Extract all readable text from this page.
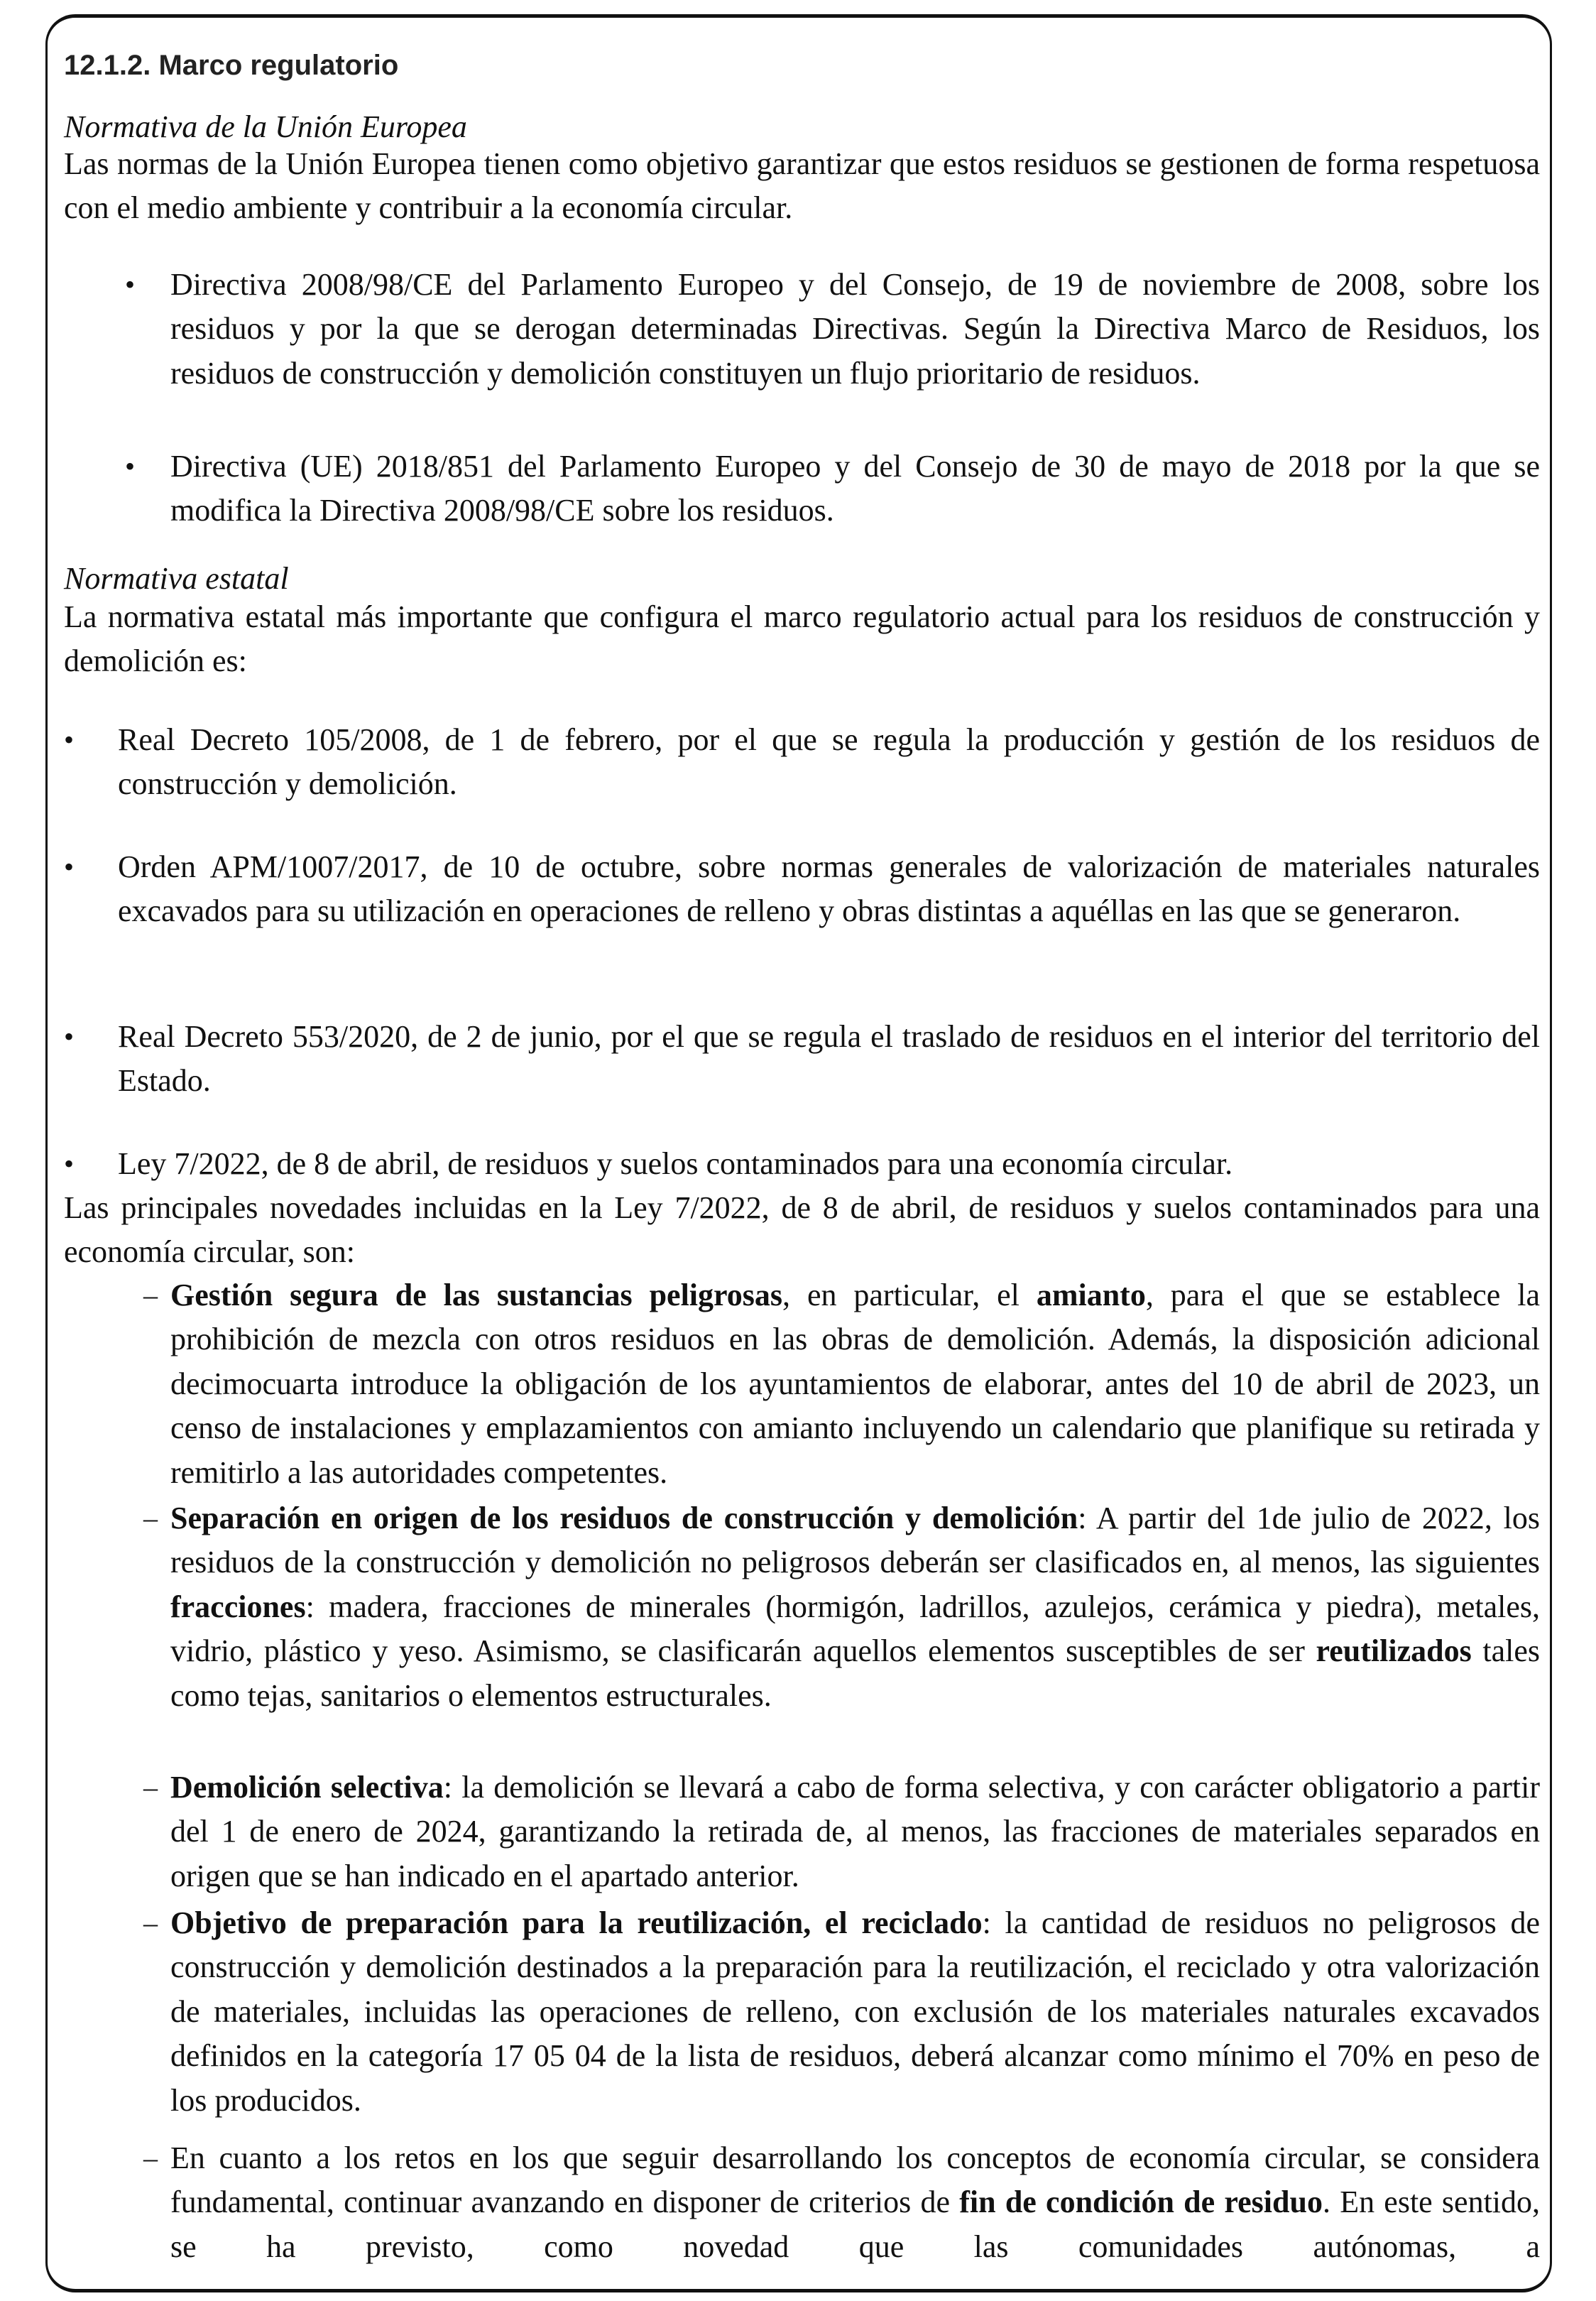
12.1.2. Marco regulatorio

Normativa de la Unión Europea

Las normas de la Unión Europea tienen como objetivo garantizar que estos residuos se gestionen de forma respetuosa con el medio ambiente y contribuir a la economía circular.

• Directiva 2008/98/CE del Parlamento Europeo y del Consejo, de 19 de noviembre de 2008, sobre los residuos y por la que se derogan determinadas Directivas. Según la Directiva Marco de Residuos, los residuos de construcción y demolición constituyen un flujo prioritario de residuos.
• Directiva (UE) 2018/851 del Parlamento Europeo y del Consejo de 30 de mayo de 2018 por la que se modifica la Directiva 2008/98/CE sobre los residuos.

Normativa estatal

La normativa estatal más importante que configura el marco regulatorio actual para los residuos de construcción y demolición es:

• Real Decreto 105/2008, de 1 de febrero, por el que se regula la producción y gestión de los residuos de construcción y demolición.
• Orden APM/1007/2017, de 10 de octubre, sobre normas generales de valorización de materiales naturales excavados para su utilización en operaciones de relleno y obras distintas a aquéllas en las que se generaron.
• Real Decreto 553/2020, de 2 de junio, por el que se regula el traslado de residuos en el interior del territorio del Estado.
• Ley 7/2022, de 8 de abril, de residuos y suelos contaminados para una economía circular.

Las principales novedades incluidas en la Ley 7/2022, de 8 de abril, de residuos y suelos contaminados para una economía circular, son:

– Gestión segura de las sustancias peligrosas, en particular, el amianto, para el que se establece la prohibición de mezcla con otros residuos en las obras de demolición. Además, la disposición adicional decimocuarta introduce la obligación de los ayuntamientos de elaborar, antes del 10 de abril de 2023, un censo de instalaciones y emplazamientos con amianto incluyendo un calendario que planifique su retirada y remitirlo a las autoridades competentes.
– Separación en origen de los residuos de construcción y demolición: A partir del 1de julio de 2022, los residuos de la construcción y demolición no peligrosos deberán ser clasificados en, al menos, las siguientes fracciones: madera, fracciones de minerales (hormigón, ladrillos, azulejos, cerámica y piedra), metales, vidrio, plástico y yeso. Asimismo, se clasificarán aquellos elementos susceptibles de ser reutilizados tales como tejas, sanitarios o elementos estructurales.
– Demolición selectiva: la demolición se llevará a cabo de forma selectiva, y con carácter obligatorio a partir del 1 de enero de 2024, garantizando la retirada de, al menos, las fracciones de materiales separados en origen que se han indicado en el apartado anterior.
– Objetivo de preparación para la reutilización, el reciclado: la cantidad de residuos no peligrosos de construcción y demolición destinados a la preparación para la reutilización, el reciclado y otra valorización de materiales, incluidas las operaciones de relleno, con exclusión de los materiales naturales excavados definidos en la categoría 17 05 04 de la lista de residuos, deberá alcanzar como mínimo el 70% en peso de los producidos.
– En cuanto a los retos en los que seguir desarrollando los conceptos de economía circular, se considera fundamental, continuar avanzando en disponer de criterios de fin de condición de residuo. En este sentido, se ha previsto, como novedad que las comunidades autónomas, a
